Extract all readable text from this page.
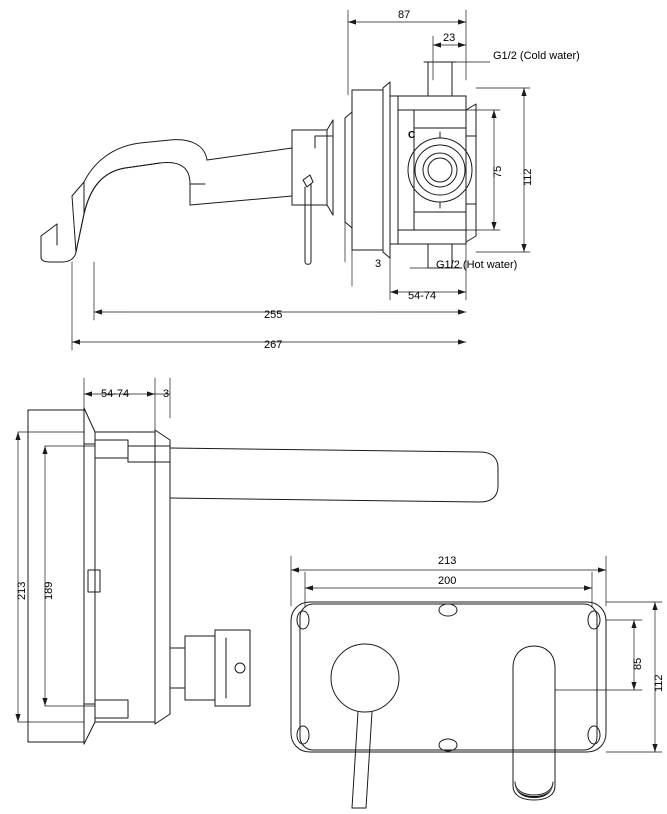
87
23
G1/2 (Cold water)
C
75 112
G1/2 (Hot water)
3
54-74
255
267
54-74	3
213 189
213
200
85
112
